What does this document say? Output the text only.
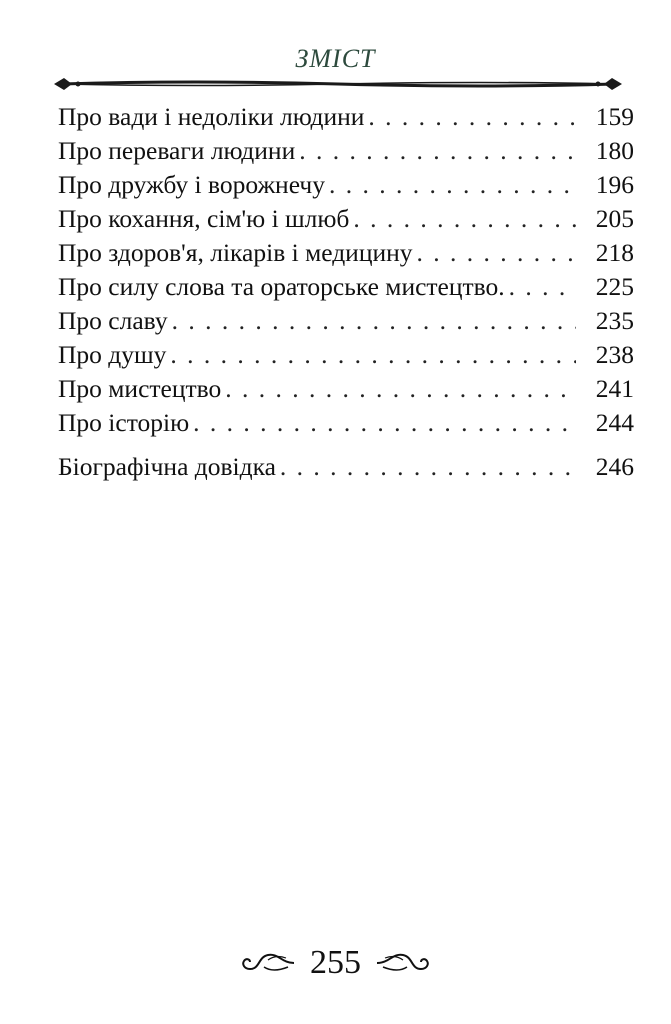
ЗМІСТ
Про вади і недоліки людини . . .	159
Про переваги людини . . .	180
Про дружбу і ворожнечу . . .	196
Про кохання, сім'ю і шлюб . . .	205
Про здоров'я, лікарів і медицину . . .	218
Про силу слова та ораторське мистецтво. . . .	225
Про славу . . .	235
Про душу . . .	238
Про мистецтво . . .	241
Про історію . . .	244
Біографічна довідка . . .	246
255
